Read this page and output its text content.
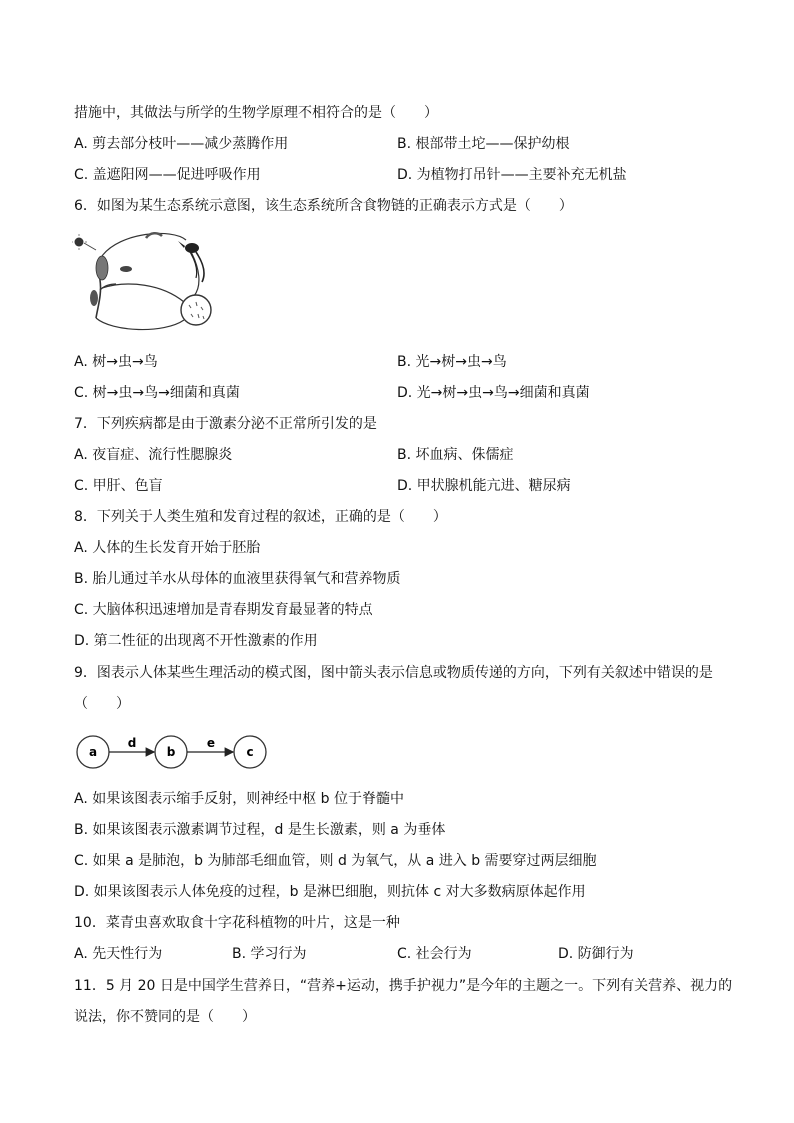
措施中，其做法与所学的生物学原理不相符合的是（　　）
A. 剪去部分枝叶——减少蒸腾作用	B. 根部带土坨——保护幼根
C. 盖遮阳网——促进呼吸作用	D. 为植物打吊针——主要补充无机盐
6．如图为某生态系统示意图，该生态系统所含食物链的正确表示方式是（　　）
A. 树→虫→鸟	B. 光→树→虫→鸟
C. 树→虫→鸟→细菌和真菌	D. 光→树→虫→鸟→细菌和真菌
7．下列疾病都是由于激素分泌不正常所引发的是
A. 夜盲症、流行性腮腺炎	B. 坏血病、侏儒症
C. 甲肝、色盲	D. 甲状腺机能亢进、糖尿病
8．下列关于人类生殖和发育过程的叙述，正确的是（　　）
A. 人体的生长发育开始于胚胎
B. 胎儿通过羊水从母体的血液里获得氧气和营养物质
C. 大脑体积迅速增加是青春期发育最显著的特点
D. 第二性征的出现离不开性激素的作用
9．图表示人体某些生理活动的模式图，图中箭头表示信息或物质传递的方向，下列有关叙述中错误的是
（　　）
a	b	c
d	e
A. 如果该图表示缩手反射，则神经中枢 b 位于脊髓中
B. 如果该图表示激素调节过程，d 是生长激素，则 a 为垂体
C. 如果 a 是肺泡，b 为肺部毛细血管，则 d 为氧气，从 a 进入 b 需要穿过两层细胞
D. 如果该图表示人体免疫的过程，b 是淋巴细胞，则抗体 c 对大多数病原体起作用
10．菜青虫喜欢取食十字花科植物的叶片，这是一种
A. 先天性行为	B. 学习行为	C. 社会行为	D. 防御行为
11．5 月 20 日是中国学生营养日，“营养+运动，携手护视力”是今年的主题之一。下列有关营养、视力的
说法，你不赞同的是（　　）
